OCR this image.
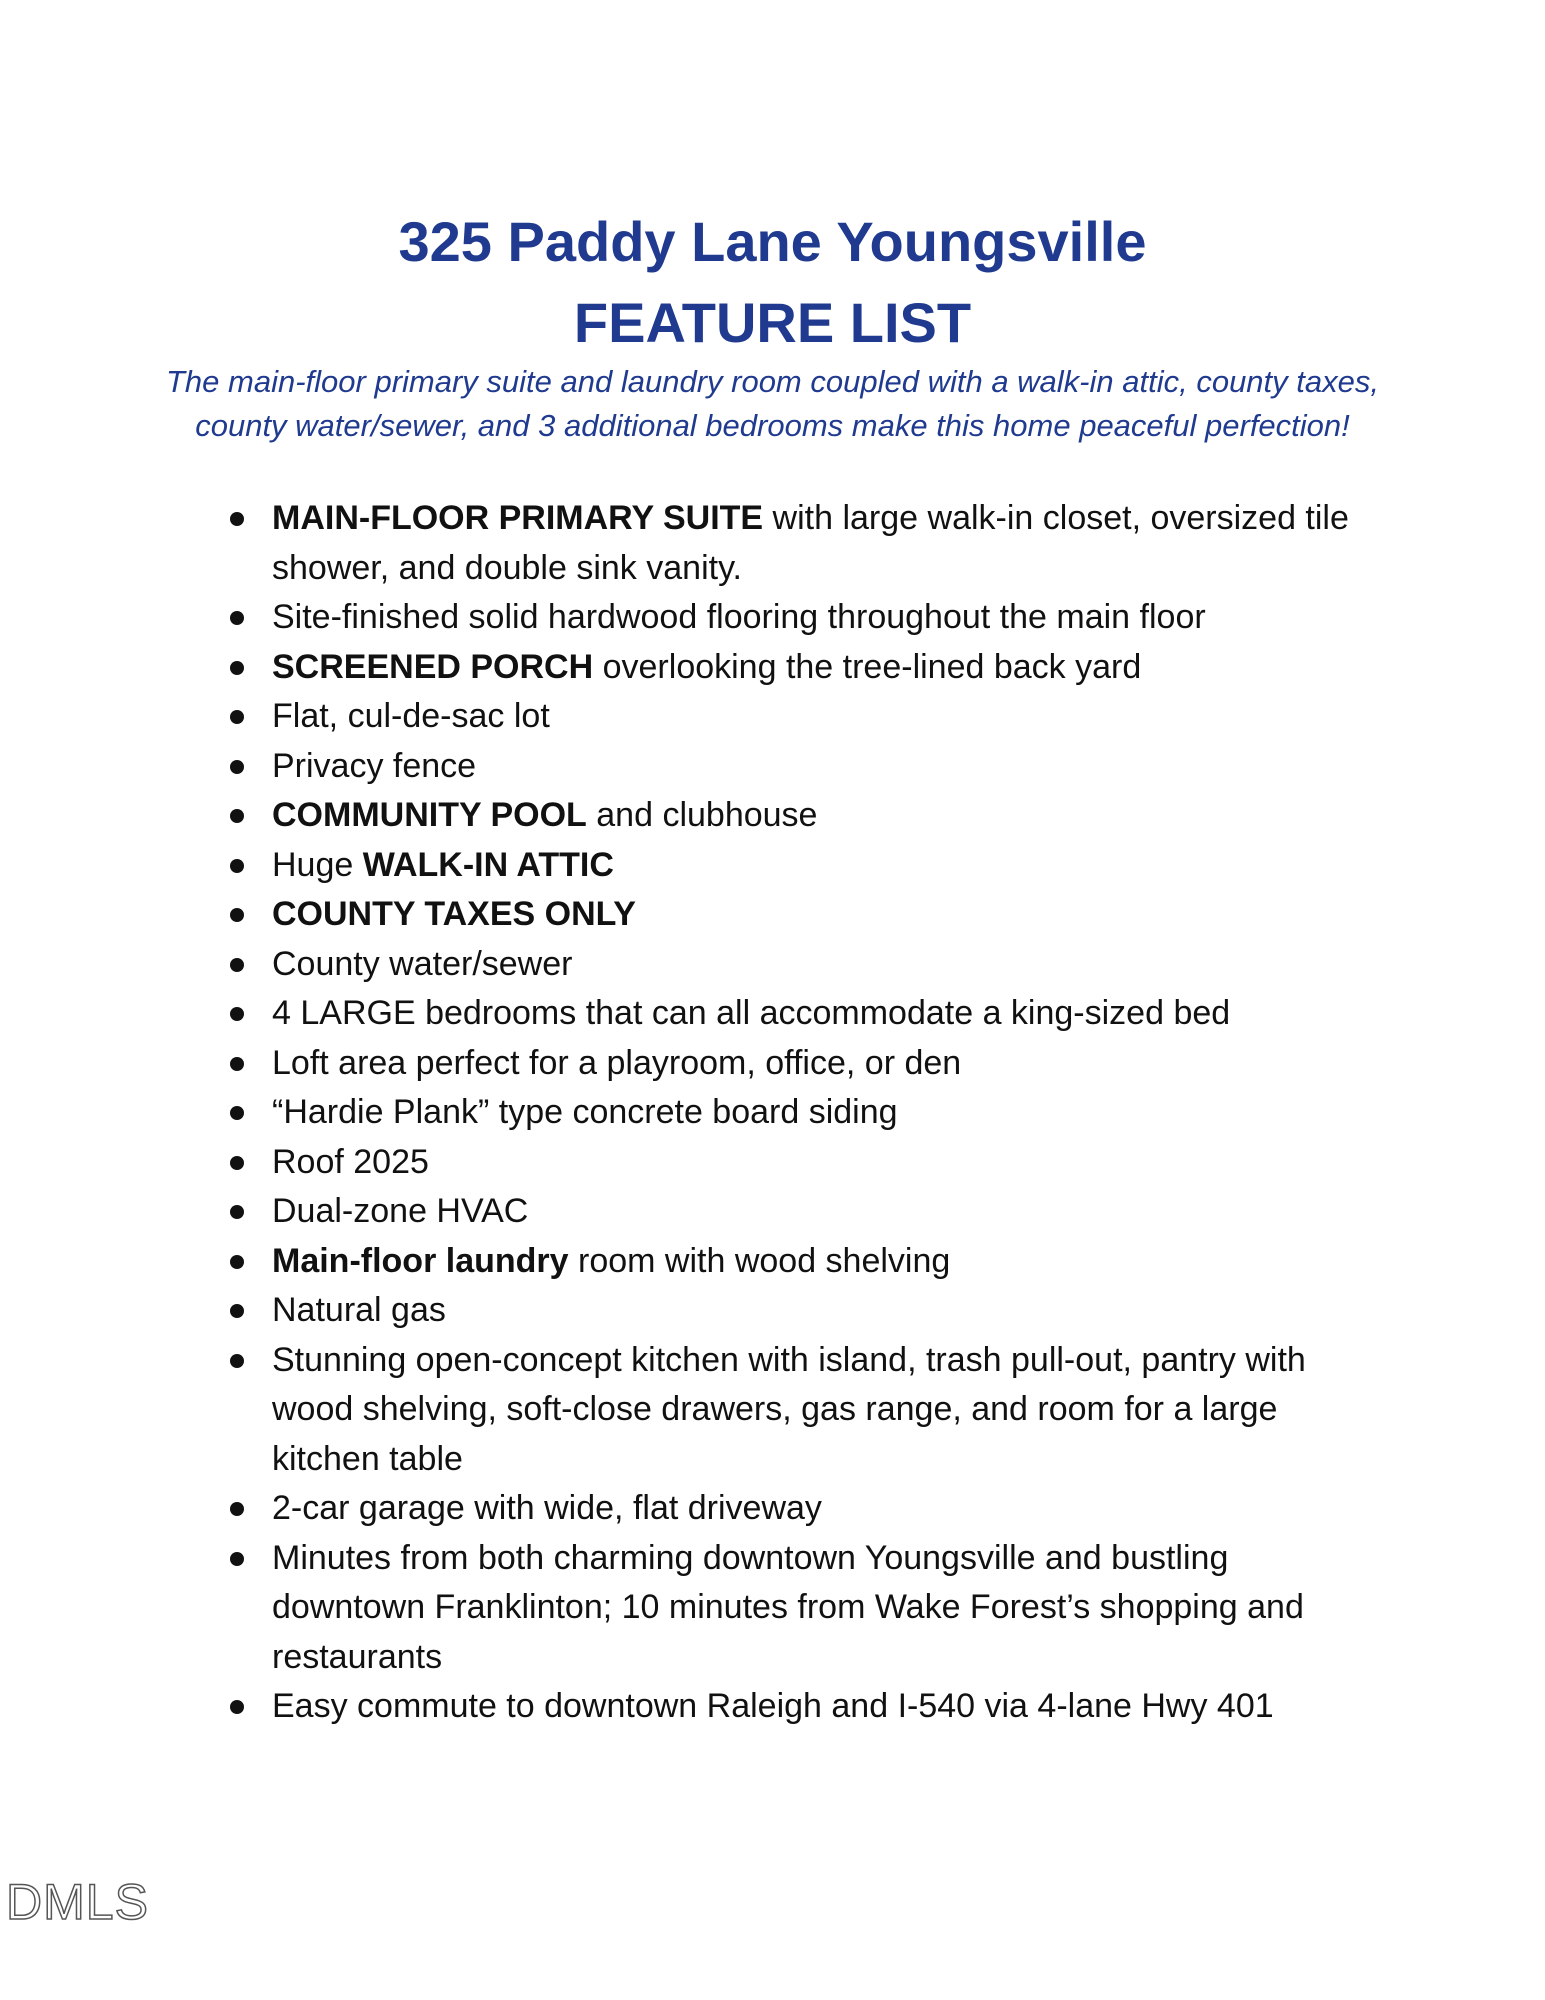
325 Paddy Lane Youngsville
FEATURE LIST

The main-floor primary suite and laundry room coupled with a walk-in attic, county taxes,
county water/sewer, and 3 additional bedrooms make this home peaceful perfection!

MAIN-FLOOR PRIMARY SUITE with large walk-in closet, oversized tile shower, and double sink vanity.
Site-finished solid hardwood flooring throughout the main floor
SCREENED PORCH overlooking the tree-lined back yard
Flat, cul-de-sac lot
Privacy fence
COMMUNITY POOL and clubhouse
Huge WALK-IN ATTIC
COUNTY TAXES ONLY
County water/sewer
4 LARGE bedrooms that can all accommodate a king-sized bed
Loft area perfect for a playroom, office, or den
“Hardie Plank” type concrete board siding
Roof 2025
Dual-zone HVAC
Main-floor laundry room with wood shelving
Natural gas
Stunning open-concept kitchen with island, trash pull-out, pantry with wood shelving, soft-close drawers, gas range, and room for a large kitchen table
2-car garage with wide, flat driveway
Minutes from both charming downtown Youngsville and bustling downtown Franklinton; 10 minutes from Wake Forest’s shopping and restaurants
Easy commute to downtown Raleigh and I-540 via 4-lane Hwy 401
DMLS
